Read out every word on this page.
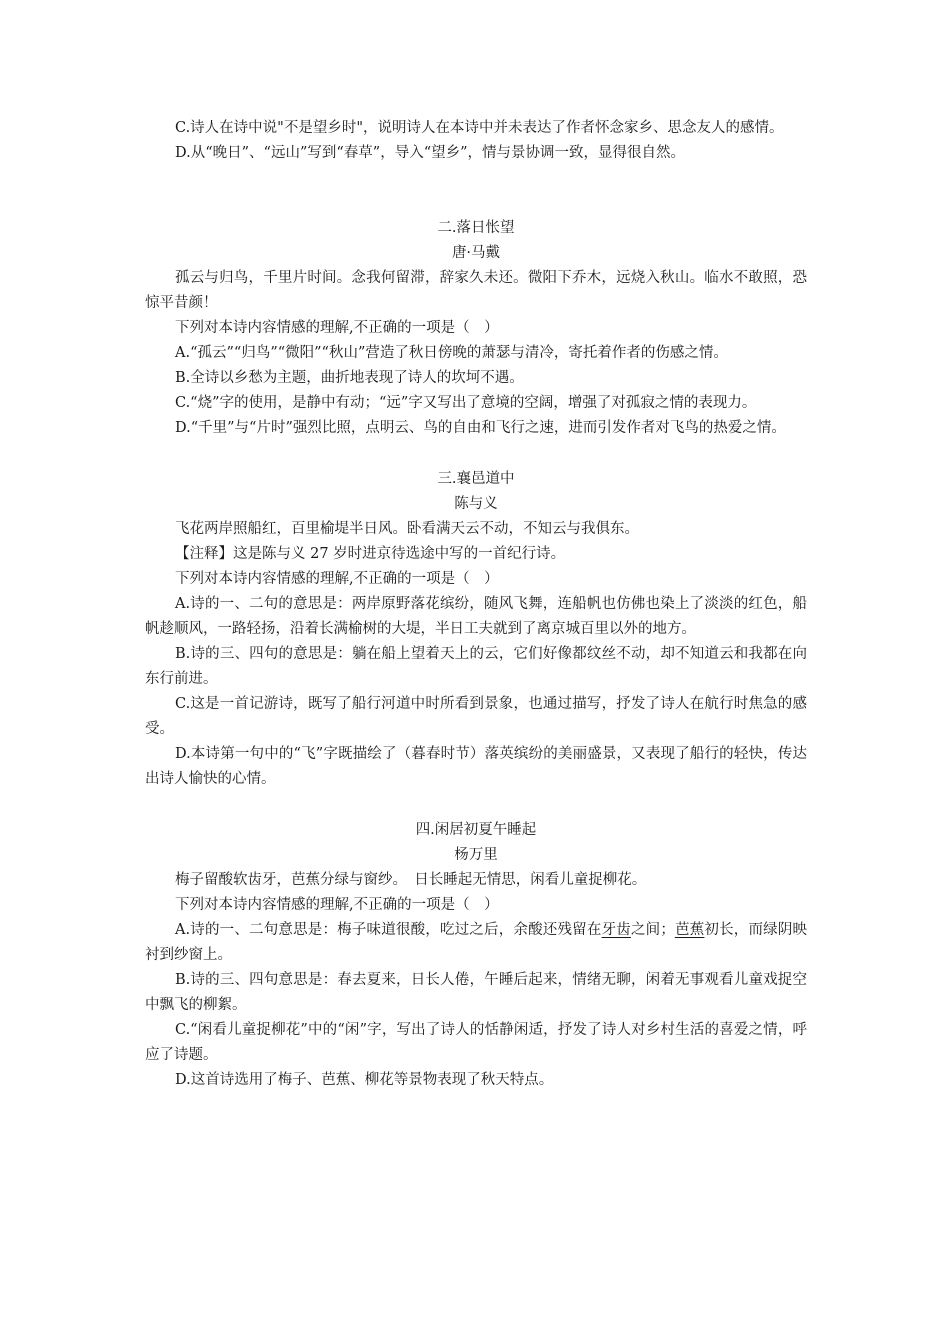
C.诗人在诗中说"不是望乡时"，说明诗人在本诗中并未表达了作者怀念家乡、思念友人的感情。

D.从“晚日”、“远山”写到“春草”，导入“望乡”，情与景协调一致，显得很自然。

二.落日怅望

唐·马戴

孤云与归鸟，千里片时间。念我何留滞，辞家久未还。微阳下乔木，远烧入秋山。临水不敢照，恐惊平昔颜！

下列对本诗内容情感的理解,不正确的一项是（　）

A.“孤云”“归鸟”“微阳”“秋山”营造了秋日傍晚的萧瑟与清冷，寄托着作者的伤感之情。

B.全诗以乡愁为主题，曲折地表现了诗人的坎坷不遇。

C.“烧”字的使用，是静中有动；“远”字又写出了意境的空阔，增强了对孤寂之情的表现力。

D.“千里”与“片时”强烈比照，点明云、鸟的自由和飞行之速，进而引发作者对飞鸟的热爱之情。

三.襄邑道中

陈与义

飞花两岸照船红，百里榆堤半日风。卧看满天云不动，不知云与我俱东。

【注释】这是陈与义 27 岁时进京待选途中写的一首纪行诗。

下列对本诗内容情感的理解,不正确的一项是（　）

A.诗的一、二句的意思是：两岸原野落花缤纷，随风飞舞，连船帆也仿佛也染上了淡淡的红色，船帆趁顺风，一路轻扬，沿着长满榆树的大堤，半日工夫就到了离京城百里以外的地方。

B.诗的三、四句的意思是：躺在船上望着天上的云，它们好像都纹丝不动，却不知道云和我都在向东行前进。

C.这是一首记游诗，既写了船行河道中时所看到景象，也通过描写，抒发了诗人在航行时焦急的感受。

D.本诗第一句中的“飞”字既描绘了（暮春时节）落英缤纷的美丽盛景，又表现了船行的轻快，传达出诗人愉快的心情。

四.闲居初夏午睡起

杨万里

梅子留酸软齿牙，芭蕉分绿与窗纱。　日长睡起无情思，闲看儿童捉柳花。

下列对本诗内容情感的理解,不正确的一项是（　）

A.诗的一、二句意思是：梅子味道很酸，吃过之后，余酸还残留在牙齿之间；芭蕉初长，而绿阴映衬到纱窗上。

B.诗的三、四句意思是：春去夏来，日长人倦，午睡后起来，情绪无聊，闲着无事观看儿童戏捉空中飘飞的柳絮。

C.“闲看儿童捉柳花”中的“闲”字，写出了诗人的恬静闲适，抒发了诗人对乡村生活的喜爱之情，呼应了诗题。

D.这首诗选用了梅子、芭蕉、柳花等景物表现了秋天特点。
